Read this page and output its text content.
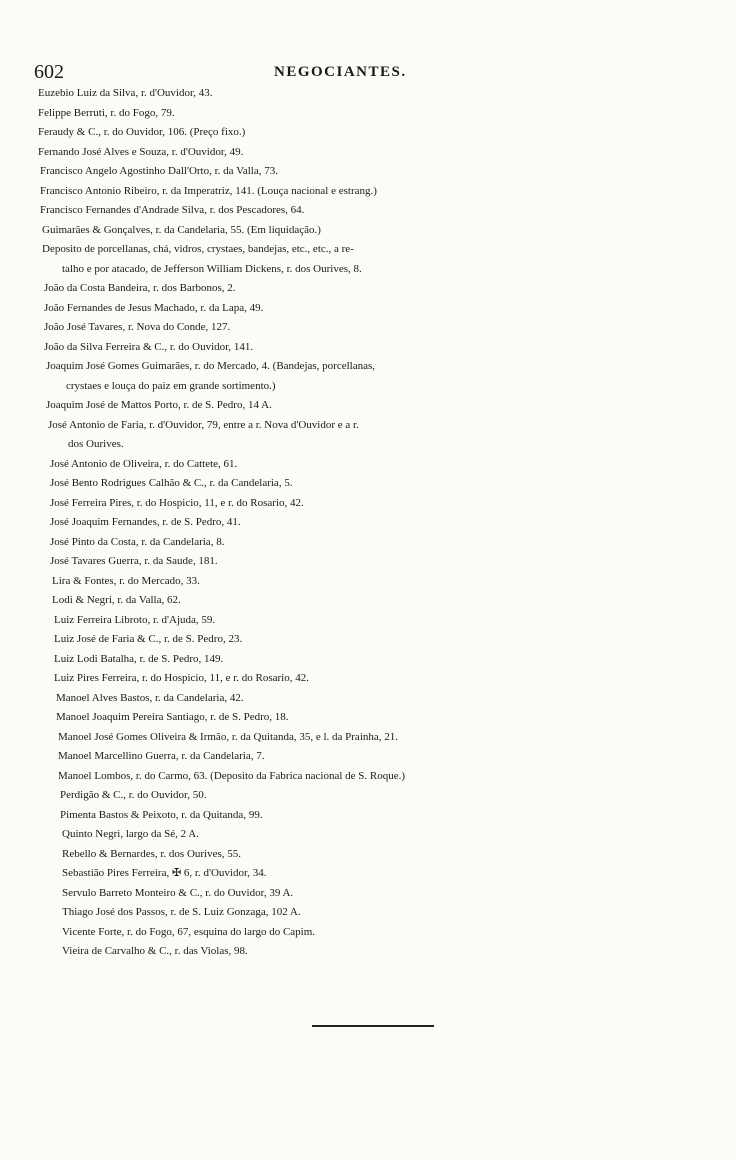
602	NEGOCIANTES.
Euzebio Luiz da Silva, r. d'Ouvidor, 43.
Felippe Berruti, r. do Fogo, 79.
Feraudy & C., r. do Ouvidor, 106. (Preço fixo.)
Fernando José Alves e Souza, r. d'Ouvidor, 49.
Francisco Angelo Agostinho Dall'Orto, r. da Valla, 73.
Francisco Antonio Ribeiro, r. da Imperatriz, 141. (Louça nacional e estrang.)
Francisco Fernandes d'Andrade Silva, r. dos Pescadores, 64.
Guimarães & Gonçalves, r. da Candelaria, 55. (Em liquidação.)
Deposito de porcellanas, chá, vidros, crystaes, bandejas, etc., etc., a re-
talho e por atacado, de Jefferson William Dickens, r. dos Ourives, 8.
João da Costa Bandeira, r. dos Barbonos, 2.
João Fernandes de Jesus Machado, r. da Lapa, 49.
João José Tavares, r. Nova do Conde, 127.
João da Silva Ferreira & C., r. do Ouvidor, 141.
Joaquim José Gomes Guimarães, r. do Mercado, 4. (Bandejas, porcellanas,
crystaes e louça do paiz em grande sortimento.)
Joaquim José de Mattos Porto, r. de S. Pedro, 14 A.
José Antonio de Faria, r. d'Ouvidor, 79, entre a r. Nova d'Ouvidor e a r.
dos Ourives.
José Antonio de Oliveira, r. do Cattete, 61.
José Bento Rodrigues Calhão & C., r. da Candelaria, 5.
José Ferreira Pires, r. do Hospicio, 11, e r. do Rosario, 42.
José Joaquim Fernandes, r. de S. Pedro, 41.
José Pinto da Costa, r. da Candelaria, 8.
José Tavares Guerra, r. da Saude, 181.
Lira & Fontes, r. do Mercado, 33.
Lodi & Negri, r. da Valla, 62.
Luiz Ferreira Libroto, r. d'Ajuda, 59.
Luiz José de Faria & C., r. de S. Pedro, 23.
Luiz Lodi Batalha, r. de S. Pedro, 149.
Luiz Pires Ferreira, r. do Hospicio, 11, e r. do Rosario, 42.
Manoel Alves Bastos, r. da Candelaria, 42.
Manoel Joaquim Pereira Santiago, r. de S. Pedro, 18.
Manoel José Gomes Oliveira & Irmão, r. da Quitanda, 35, e l. da Prainha, 21.
Manoel Marcellino Guerra, r. da Candelaria, 7.
Manoel Lombos, r. do Carmo, 63. (Deposito da Fabrica nacional de S. Roque.)
Perdigão & C., r. do Ouvidor, 50.
Pimenta Bastos & Peixoto, r. da Quitanda, 99.
Quinto Negri, largo da Sé, 2 A.
Rebello & Bernardes, r. dos Ourives, 55.
Sebastião Pires Ferreira, ✠ 6, r. d'Ouvidor, 34.
Servulo Barreto Monteiro & C., r. do Ouvidor, 39 A.
Thiago José dos Passos, r. de S. Luiz Gonzaga, 102 A.
Vicente Forte, r. do Fogo, 67, esquina do largo do Capim.
Vieira de Carvalho & C., r. das Violas, 98.
